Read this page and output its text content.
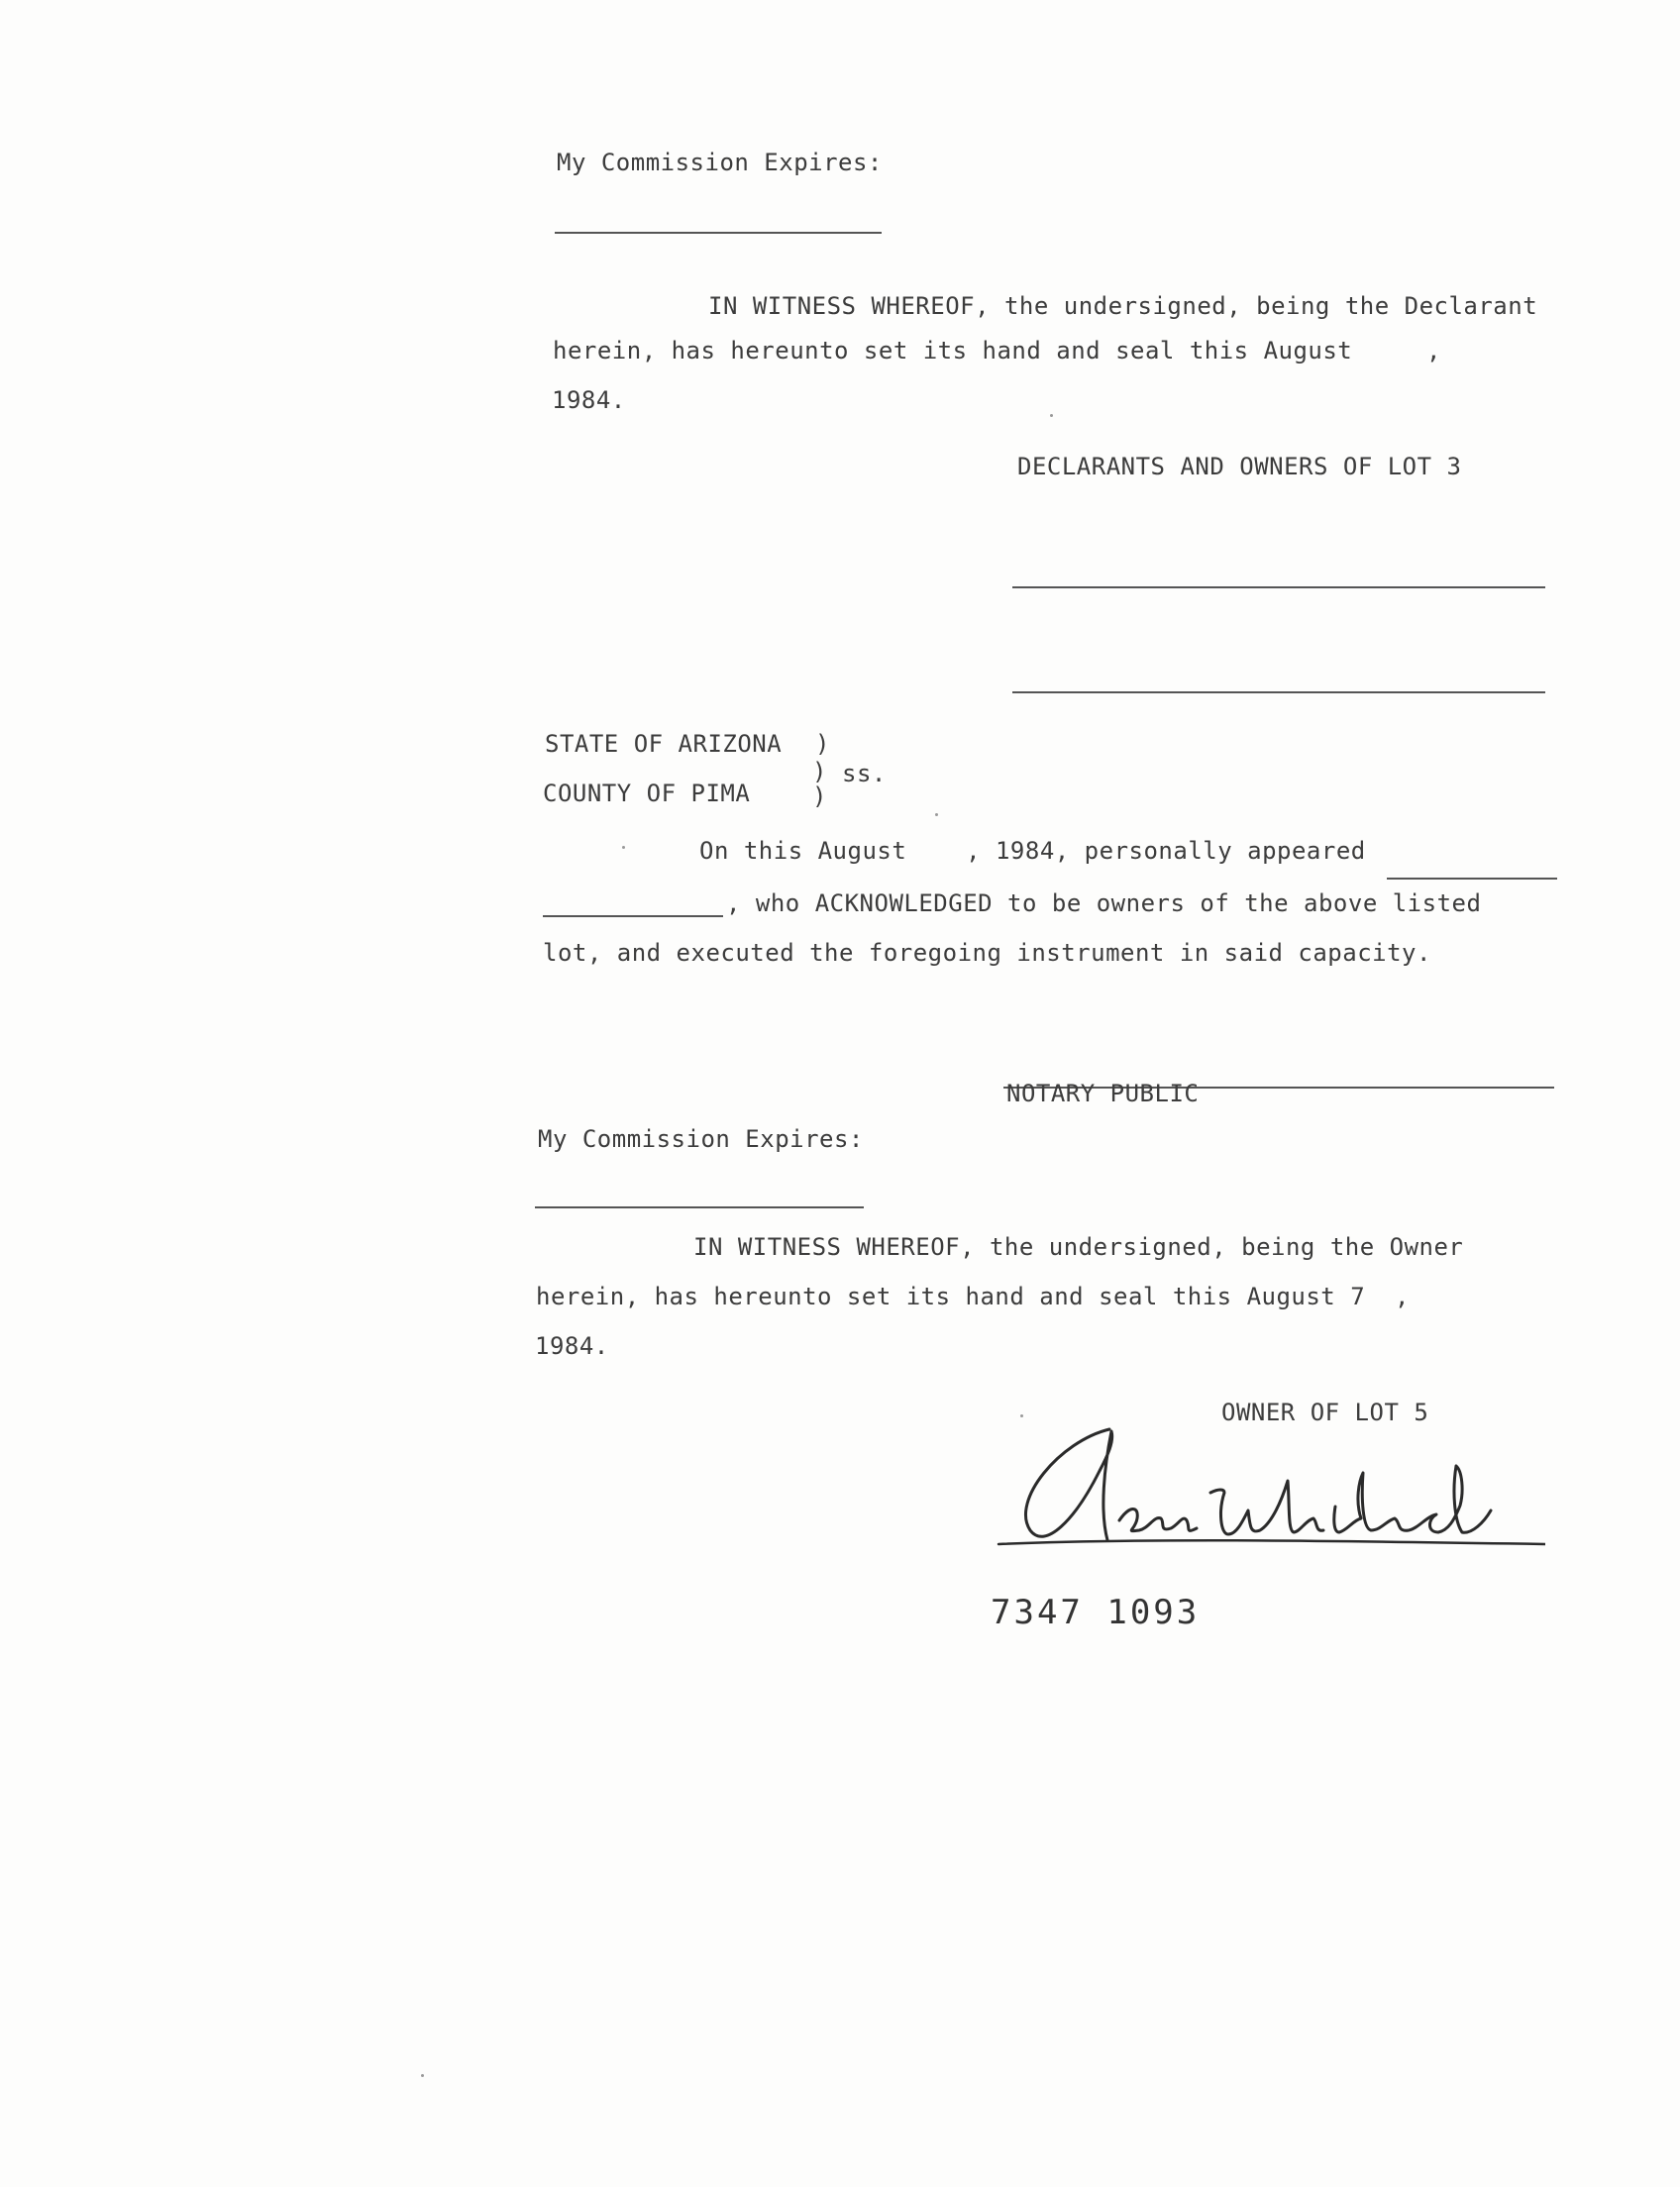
My Commission Expires:
IN WITNESS WHEREOF, the undersigned, being the Declarant
herein, has hereunto set its hand and seal this August     ,
1984.
DECLARANTS AND OWNERS OF LOT 3
STATE OF ARIZONA )
) ss.
COUNTY OF PIMA	)
On this August    , 1984, personally appeared
, who ACKNOWLEDGED to be owners of the above listed
lot, and executed the foregoing instrument in said capacity.
NOTARY PUBLIC
My Commission Expires:
IN WITNESS WHEREOF, the undersigned, being the Owner
herein, has hereunto set its hand and seal this August 7  ,
1984.
OWNER OF LOT 5
7347 1093
